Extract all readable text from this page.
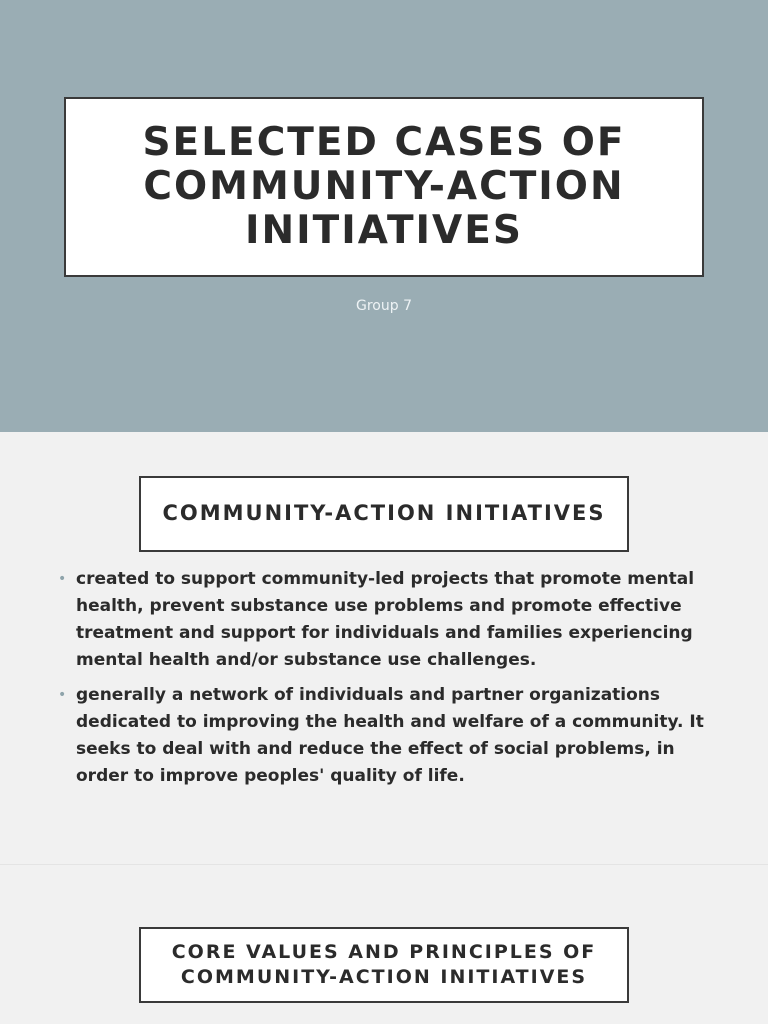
SELECTED CASES OF COMMUNITY-ACTION INITIATIVES
Group 7
COMMUNITY-ACTION INITIATIVES
• created to support community-led projects that promote mental health, prevent substance use problems and promote effective treatment and support for individuals and families experiencing mental health and/or substance use challenges.
• generally a network of individuals and partner organizations dedicated to improving the health and welfare of a community. It seeks to deal with and reduce the effect of social problems, in order to improve peoples' quality of life.
CORE VALUES AND PRINCIPLES OF COMMUNITY-ACTION INITIATIVES
